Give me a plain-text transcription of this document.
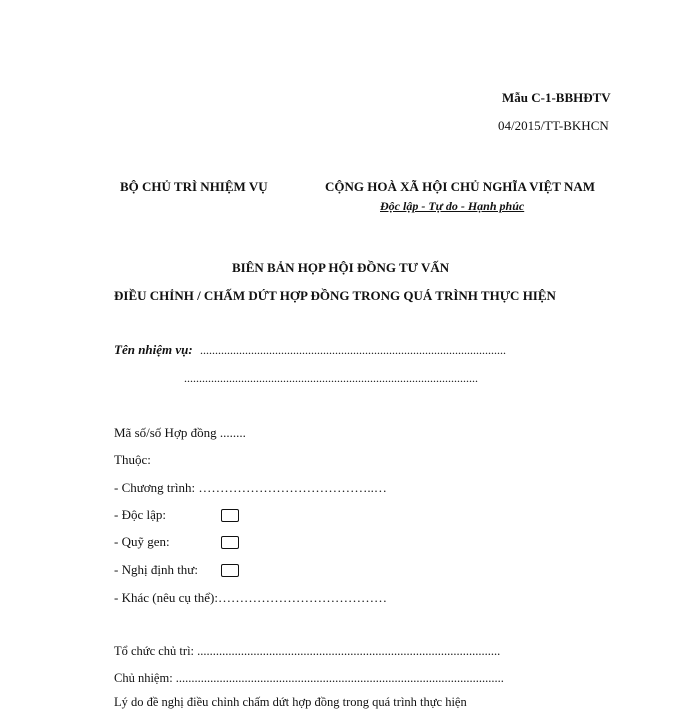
Mẫu C-1-BBHĐTV
04/2015/TT-BKHCN
BỘ CHỦ TRÌ NHIỆM VỤ	CỘNG HOÀ XÃ HỘI CHỦ NGHĨA VIỆT NAM
Độc lập - Tự do - Hạnh phúc
BIÊN BẢN HỌP HỘI ĐỒNG TƯ VẤN
ĐIỀU CHỈNH / CHẤM DỨT HỢP ĐỒNG TRONG QUÁ TRÌNH THỰC HIỆN
Tên nhiệm vụ: ......................................................................................................
..................................................................................................
Mã số/số Hợp đồng ........
Thuộc:
- Chương trình: …………………………………..…
- Độc lập:
- Quỹ gen:
- Nghị định thư:
- Khác (nêu cụ thể):…………………………………
Tổ chức chủ trì: .................................................................................................
Chủ nhiệm: .........................................................................................................
Lý do đề nghị điều chỉnh chấm dứt hợp đồng trong quá trình thực hiện
